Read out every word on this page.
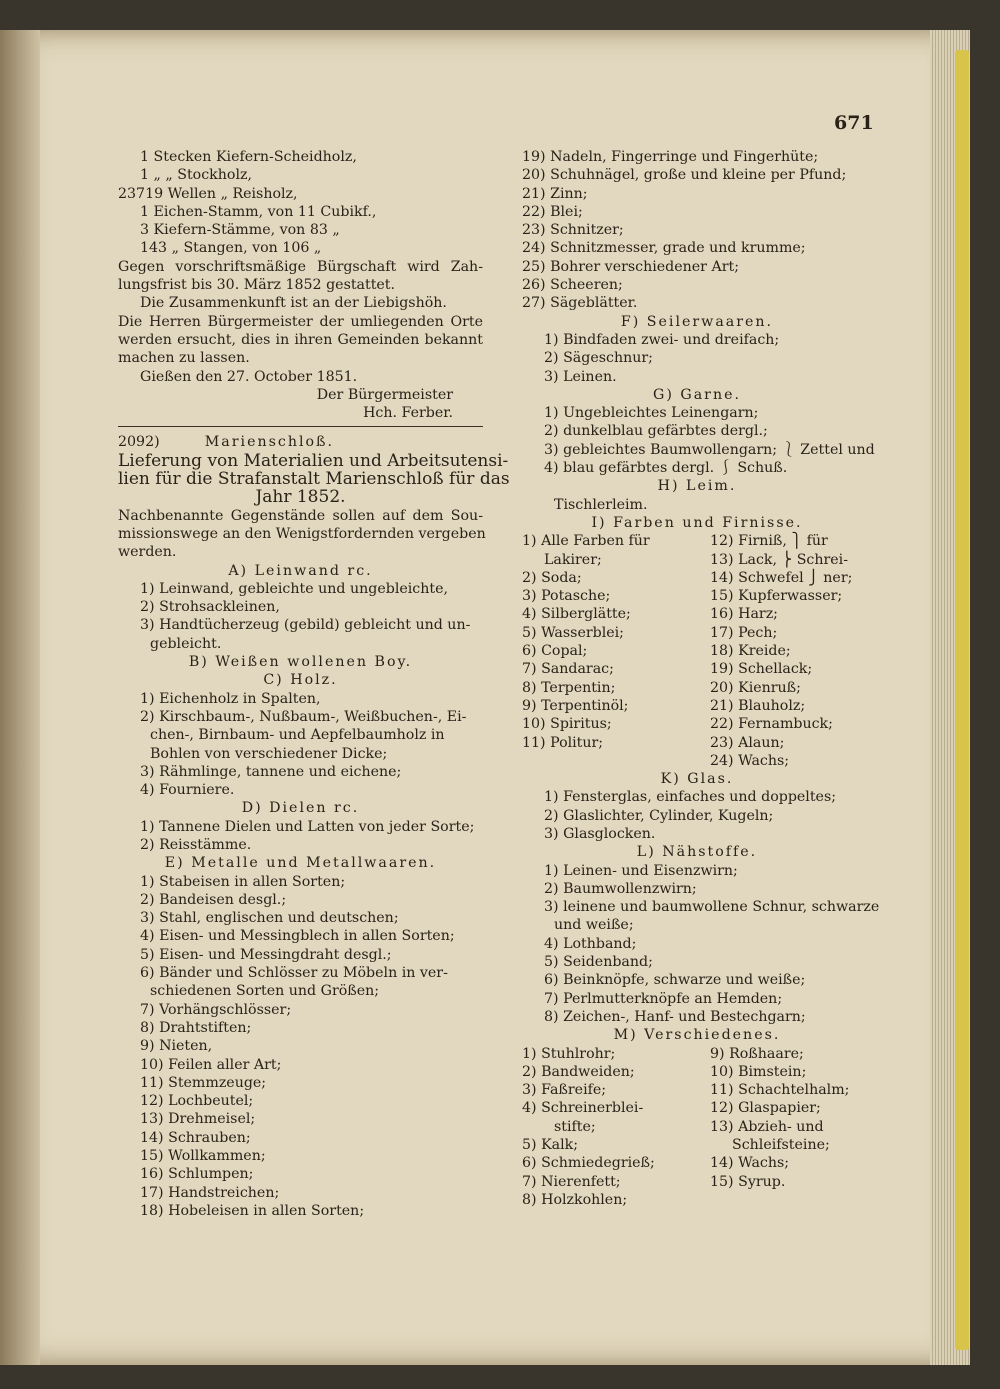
671
1 Stecken Kiefern-Scheidholz,
1 „ „ Stockholz,
23719 Wellen „ Reisholz,
1 Eichen-Stamm, von 11 Cubikf.,
3 Kiefern-Stämme, von 83 „
143 „ Stangen, von 106 „
Gegen vorschriftsmäßige Bürgschaft wird Zah-
lungsfrist bis 30. März 1852 gestattet.
Die Zusammenkunft ist an der Liebigshöh.
Die Herren Bürgermeister der umliegenden Orte
werden ersucht, dies in ihren Gemeinden bekannt
machen zu lassen.
Gießen den 27. October 1851.
Der Bürgermeister
Hch. Ferber.
2092)	Marienschloß.
Lieferung von Materialien und Arbeitsutensi-
lien für die Strafanstalt Marienschloß für das
Jahr 1852.
Nachbenannte Gegenstände sollen auf dem Sou-
missionswege an den Wenigstfordernden vergeben
werden.
A) Leinwand rc.
1) Leinwand, gebleichte und ungebleichte,
2) Strohsackleinen,
3) Handtücherzeug (gebild) gebleicht und un-
gebleicht.
B) Weißen wollenen Boy.
C) Holz.
1) Eichenholz in Spalten,
2) Kirschbaum-, Nußbaum-, Weißbuchen-, Ei-
chen-, Birnbaum- und Aepfelbaumholz in
Bohlen von verschiedener Dicke;
3) Rähmlinge, tannene und eichene;
4) Fourniere.
D) Dielen rc.
1) Tannene Dielen und Latten von jeder Sorte;
2) Reisstämme.
E) Metalle und Metallwaaren.
1) Stabeisen in allen Sorten;
2) Bandeisen desgl.;
3) Stahl, englischen und deutschen;
4) Eisen- und Messingblech in allen Sorten;
5) Eisen- und Messingdraht desgl.;
6) Bänder und Schlösser zu Möbeln in ver-
schiedenen Sorten und Größen;
7) Vorhängschlösser;
8) Drahtstiften;
9) Nieten,
10) Feilen aller Art;
11) Stemmzeuge;
12) Lochbeutel;
13) Drehmeisel;
14) Schrauben;
15) Wollkammen;
16) Schlumpen;
17) Handstreichen;
18) Hobeleisen in allen Sorten;
19) Nadeln, Fingerringe und Fingerhüte;
20) Schuhnägel, große und kleine per Pfund;
21) Zinn;
22) Blei;
23) Schnitzer;
24) Schnitzmesser, grade und krumme;
25) Bohrer verschiedener Art;
26) Scheeren;
27) Sägeblätter.
F) Seilerwaaren.
1) Bindfaden zwei- und dreifach;
2) Sägeschnur;
3) Leinen.
G) Garne.
1) Ungebleichtes Leinengarn;
2) dunkelblau gefärbtes dergl.;
3) gebleichtes Baumwollengarn; ⎱ Zettel und
4) blau gefärbtes dergl. ⎰ Schuß.
H) Leim.
Tischlerleim.
I) Farben und Firnisse.
1) Alle Farben für
Lakirer;
2) Soda;
3) Potasche;
4) Silberglätte;
5) Wasserblei;
6) Copal;
7) Sandarac;
8) Terpentin;
9) Terpentinöl;
10) Spiritus;
11) Politur;
12) Firniß, ⎫ für
13) Lack, ⎬ Schrei-
14) Schwefel ⎭ ner;
15) Kupferwasser;
16) Harz;
17) Pech;
18) Kreide;
19) Schellack;
20) Kienruß;
21) Blauholz;
22) Fernambuck;
23) Alaun;
24) Wachs;
K) Glas.
1) Fensterglas, einfaches und doppeltes;
2) Glaslichter, Cylinder, Kugeln;
3) Glasglocken.
L) Nähstoffe.
1) Leinen- und Eisenzwirn;
2) Baumwollenzwirn;
3) leinene und baumwollene Schnur, schwarze
und weiße;
4) Lothband;
5) Seidenband;
6) Beinknöpfe, schwarze und weiße;
7) Perlmutterknöpfe an Hemden;
8) Zeichen-, Hanf- und Bestechgarn;
M) Verschiedenes.
1) Stuhlrohr;
2) Bandweiden;
3) Faßreife;
4) Schreinerblei-
stifte;
5) Kalk;
6) Schmiedegrieß;
7) Nierenfett;
8) Holzkohlen;
9) Roßhaare;
10) Bimstein;
11) Schachtelhalm;
12) Glaspapier;
13) Abzieh- und
Schleifsteine;
14) Wachs;
15) Syrup.
